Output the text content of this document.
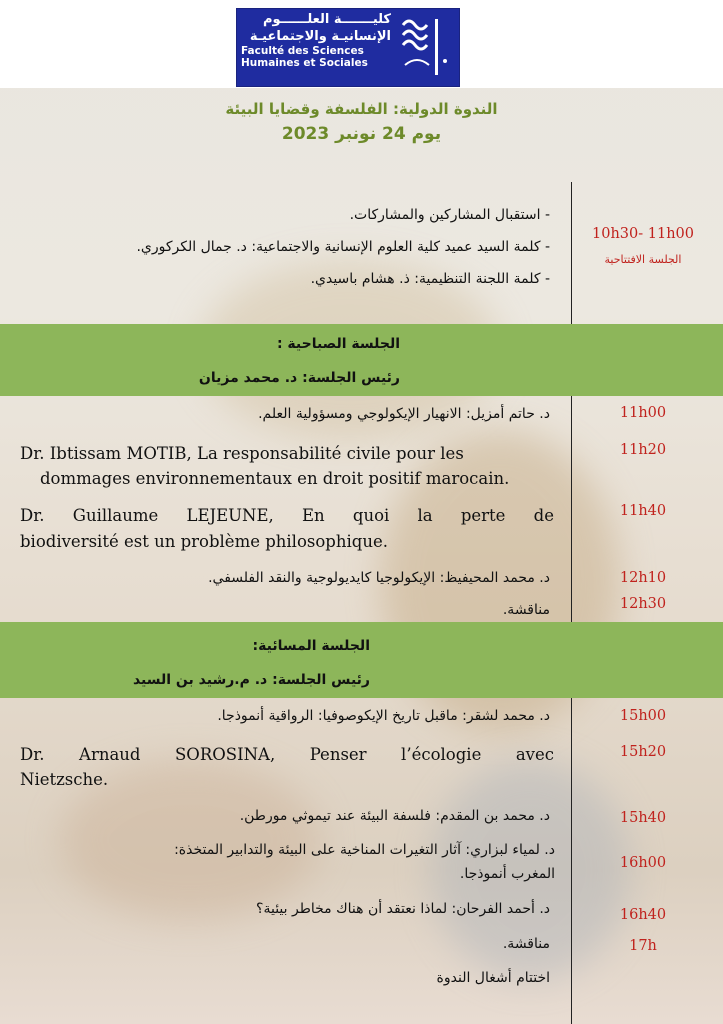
كليـــــــة العلــــــوم
الإنسانيـة والاجتماعيـة
Faculté des Sciences
Humaines et Sociales
الندوة الدولية: الفلسفة وقضايا البيئة
يوم 24 نونبر 2023
10h30- 11h00
الجلسة الافتتاحية
- استقبال المشاركين والمشاركات.
- كلمة السيد عميد كلية العلوم الإنسانية والاجتماعية: د. جمال الكركوري.
- كلمة اللجنة التنظيمية: ذ. هشام باسيدي.
الجلسة الصباحية :
رئيس الجلسة: د. محمد مزيان
11h00
د. حاتم أمزيل: الانهيار الإيكولوجي ومسؤولية العلم.
11h20
Dr. Ibtissam MOTIB, La responsabilité civile pour les
dommages environnementaux en droit positif marocain.
11h40
Dr. Guillaume LEJEUNE, En quoi la perte de
biodiversité est un problème philosophique.
12h10
د. محمد المحيفيظ: الإيكولوجيا كايديولوجية والنقد الفلسفي.
12h30
مناقشة.
الجلسة المسائية:
رئيس الجلسة: د. م.رشيد بن السيد
15h00
د. محمد لشقر: ماقبل تاريخ الإيكوصوفيا: الرواقية أنموذجا.
15h20
Dr. Arnaud SOROSINA, Penser l’écologie avec
Nietzsche.
15h40
د. محمد بن المقدم: فلسفة البيئة عند تيموثي مورطن.
16h00
د. لمياء لبزاري: آثار التغيرات المناخية على البيئة والتدابير المتخذة:
المغرب أنموذجا.
16h40
د. أحمد الفرحان: لماذا نعتقد أن هناك مخاطر بيئية؟
17h
مناقشة.
اختتام أشغال الندوة
